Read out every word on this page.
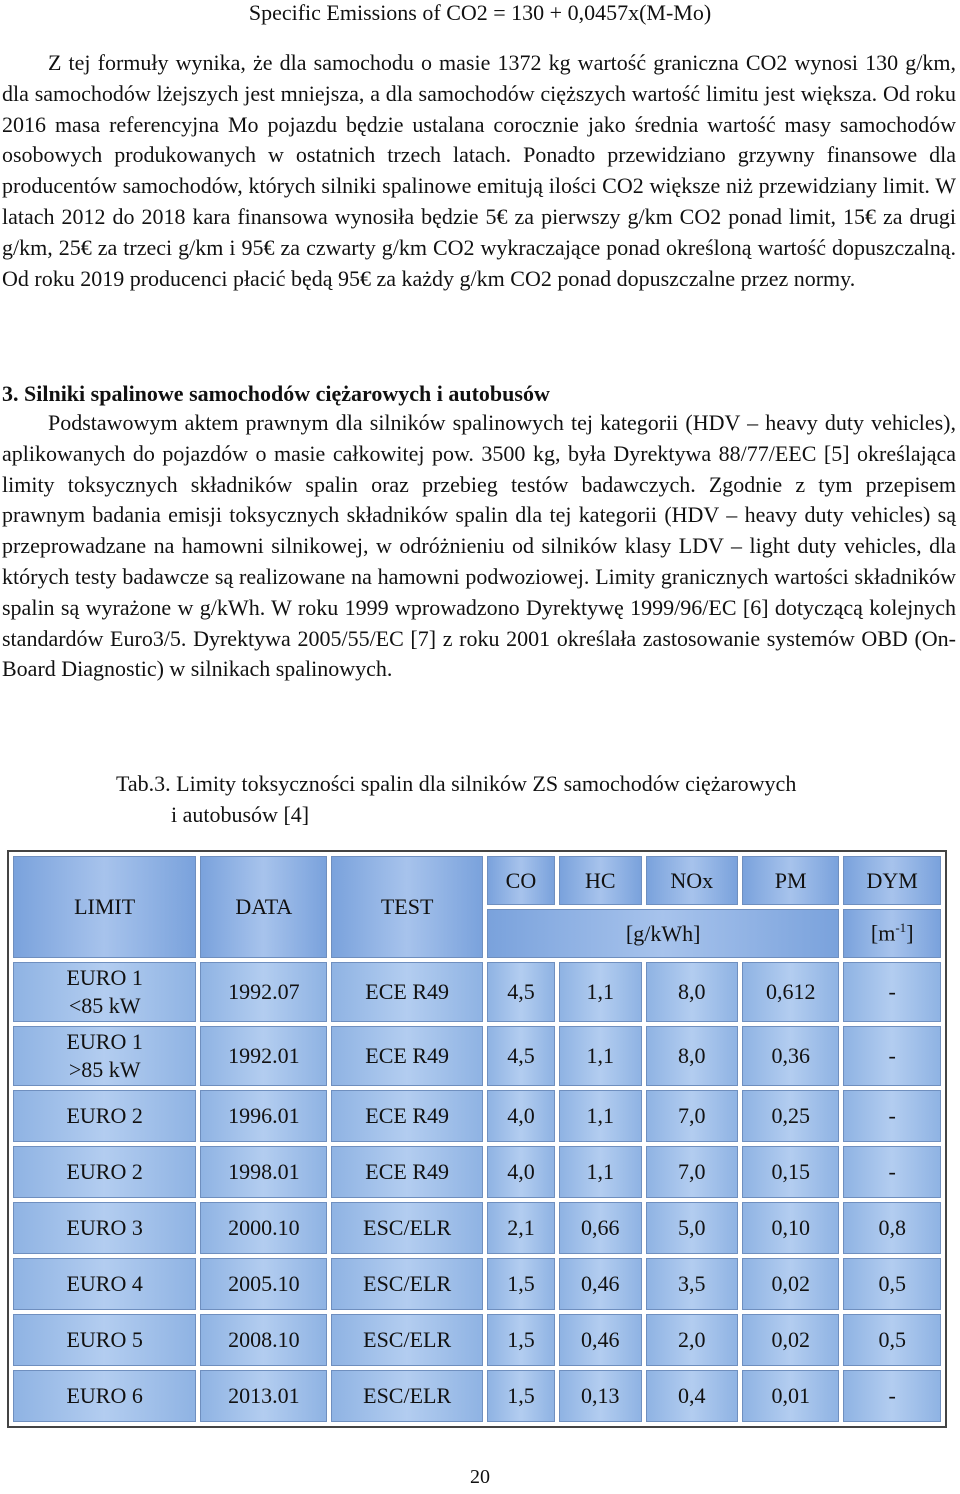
Specific Emissions of CO2 = 130 + 0,0457x(M-Mo)

Z tej formuły wynika, że dla samochodu o masie 1372 kg wartość graniczna CO2 wynosi 130 g/km, dla samochodów lżejszych jest mniejsza, a dla samochodów cięższych wartość limitu jest większa. Od roku 2016 masa referencyjna Mo pojazdu będzie ustalana corocznie jako średnia wartość masy samochodów osobowych produkowanych w ostatnich trzech latach. Ponadto przewidziano grzywny finansowe dla producentów samochodów, których silniki spalinowe emitują ilości CO2 większe niż przewidziany limit. W latach 2012 do 2018 kara finansowa wynosiła będzie 5€ za pierwszy g/km CO2 ponad limit, 15€ za drugi g/km, 25€ za trzeci g/km i 95€ za czwarty g/km CO2 wykraczające ponad określoną wartość dopuszczalną. Od roku 2019 producenci płacić będą 95€ za każdy g/km CO2 ponad dopuszczalne przez normy.

3. Silniki spalinowe samochodów ciężarowych i autobusów

Podstawowym aktem prawnym dla silników spalinowych tej kategorii (HDV – heavy duty vehicles), aplikowanych do pojazdów o masie całkowitej pow. 3500 kg, była Dyrektywa 88/77/EEC [5] określająca limity toksycznych składników spalin oraz przebieg testów badawczych. Zgodnie z tym przepisem prawnym badania emisji toksycznych składników spalin dla tej kategorii (HDV – heavy duty vehicles) są przeprowadzane na hamowni silnikowej, w odróżnieniu od silników klasy LDV – light duty vehicles, dla których testy badawcze są realizowane na hamowni podwoziowej. Limity granicznych wartości składników spalin są wyrażone w g/kWh. W roku 1999 wprowadzono Dyrektywę 1999/96/EC [6] dotyczącą kolejnych standardów Euro3/5. Dyrektywa 2005/55/EC [7] z roku 2001 określała zastosowanie systemów OBD (On-Board Diagnostic) w silnikach spalinowych.

Tab.3. Limity toksyczności spalin dla silników ZS samochodów ciężarowych
i autobusów [4]

LIMIT	DATA	TEST	CO	HC	NOx	PM	DYM
			[g/kWh]				$[m^{-1}]$

EURO 1
<85 kW	1992.07	ECE R49	4,5	1,1	8,0	0,612	-

EURO 1
>85 kW	1992.01	ECE R49	4,5	1,1	8,0	0,36	-

EURO 2	1996.01	ECE R49	4,0	1,1	7,0	0,25	-

EURO 2	1998.01	ECE R49	4,0	1,1	7,0	0,15	-

EURO 3	2000.10	ESC/ELR	2,1	0,66	5,0	0,10	0,8

EURO 4	2005.10	ESC/ELR	1,5	0,46	3,5	0,02	0,5

EURO 5	2008.10	ESC/ELR	1,5	0,46	2,0	0,02	0,5

EURO 6	2013.01	ESC/ELR	1,5	0,13	0,4	0,01	-
20
